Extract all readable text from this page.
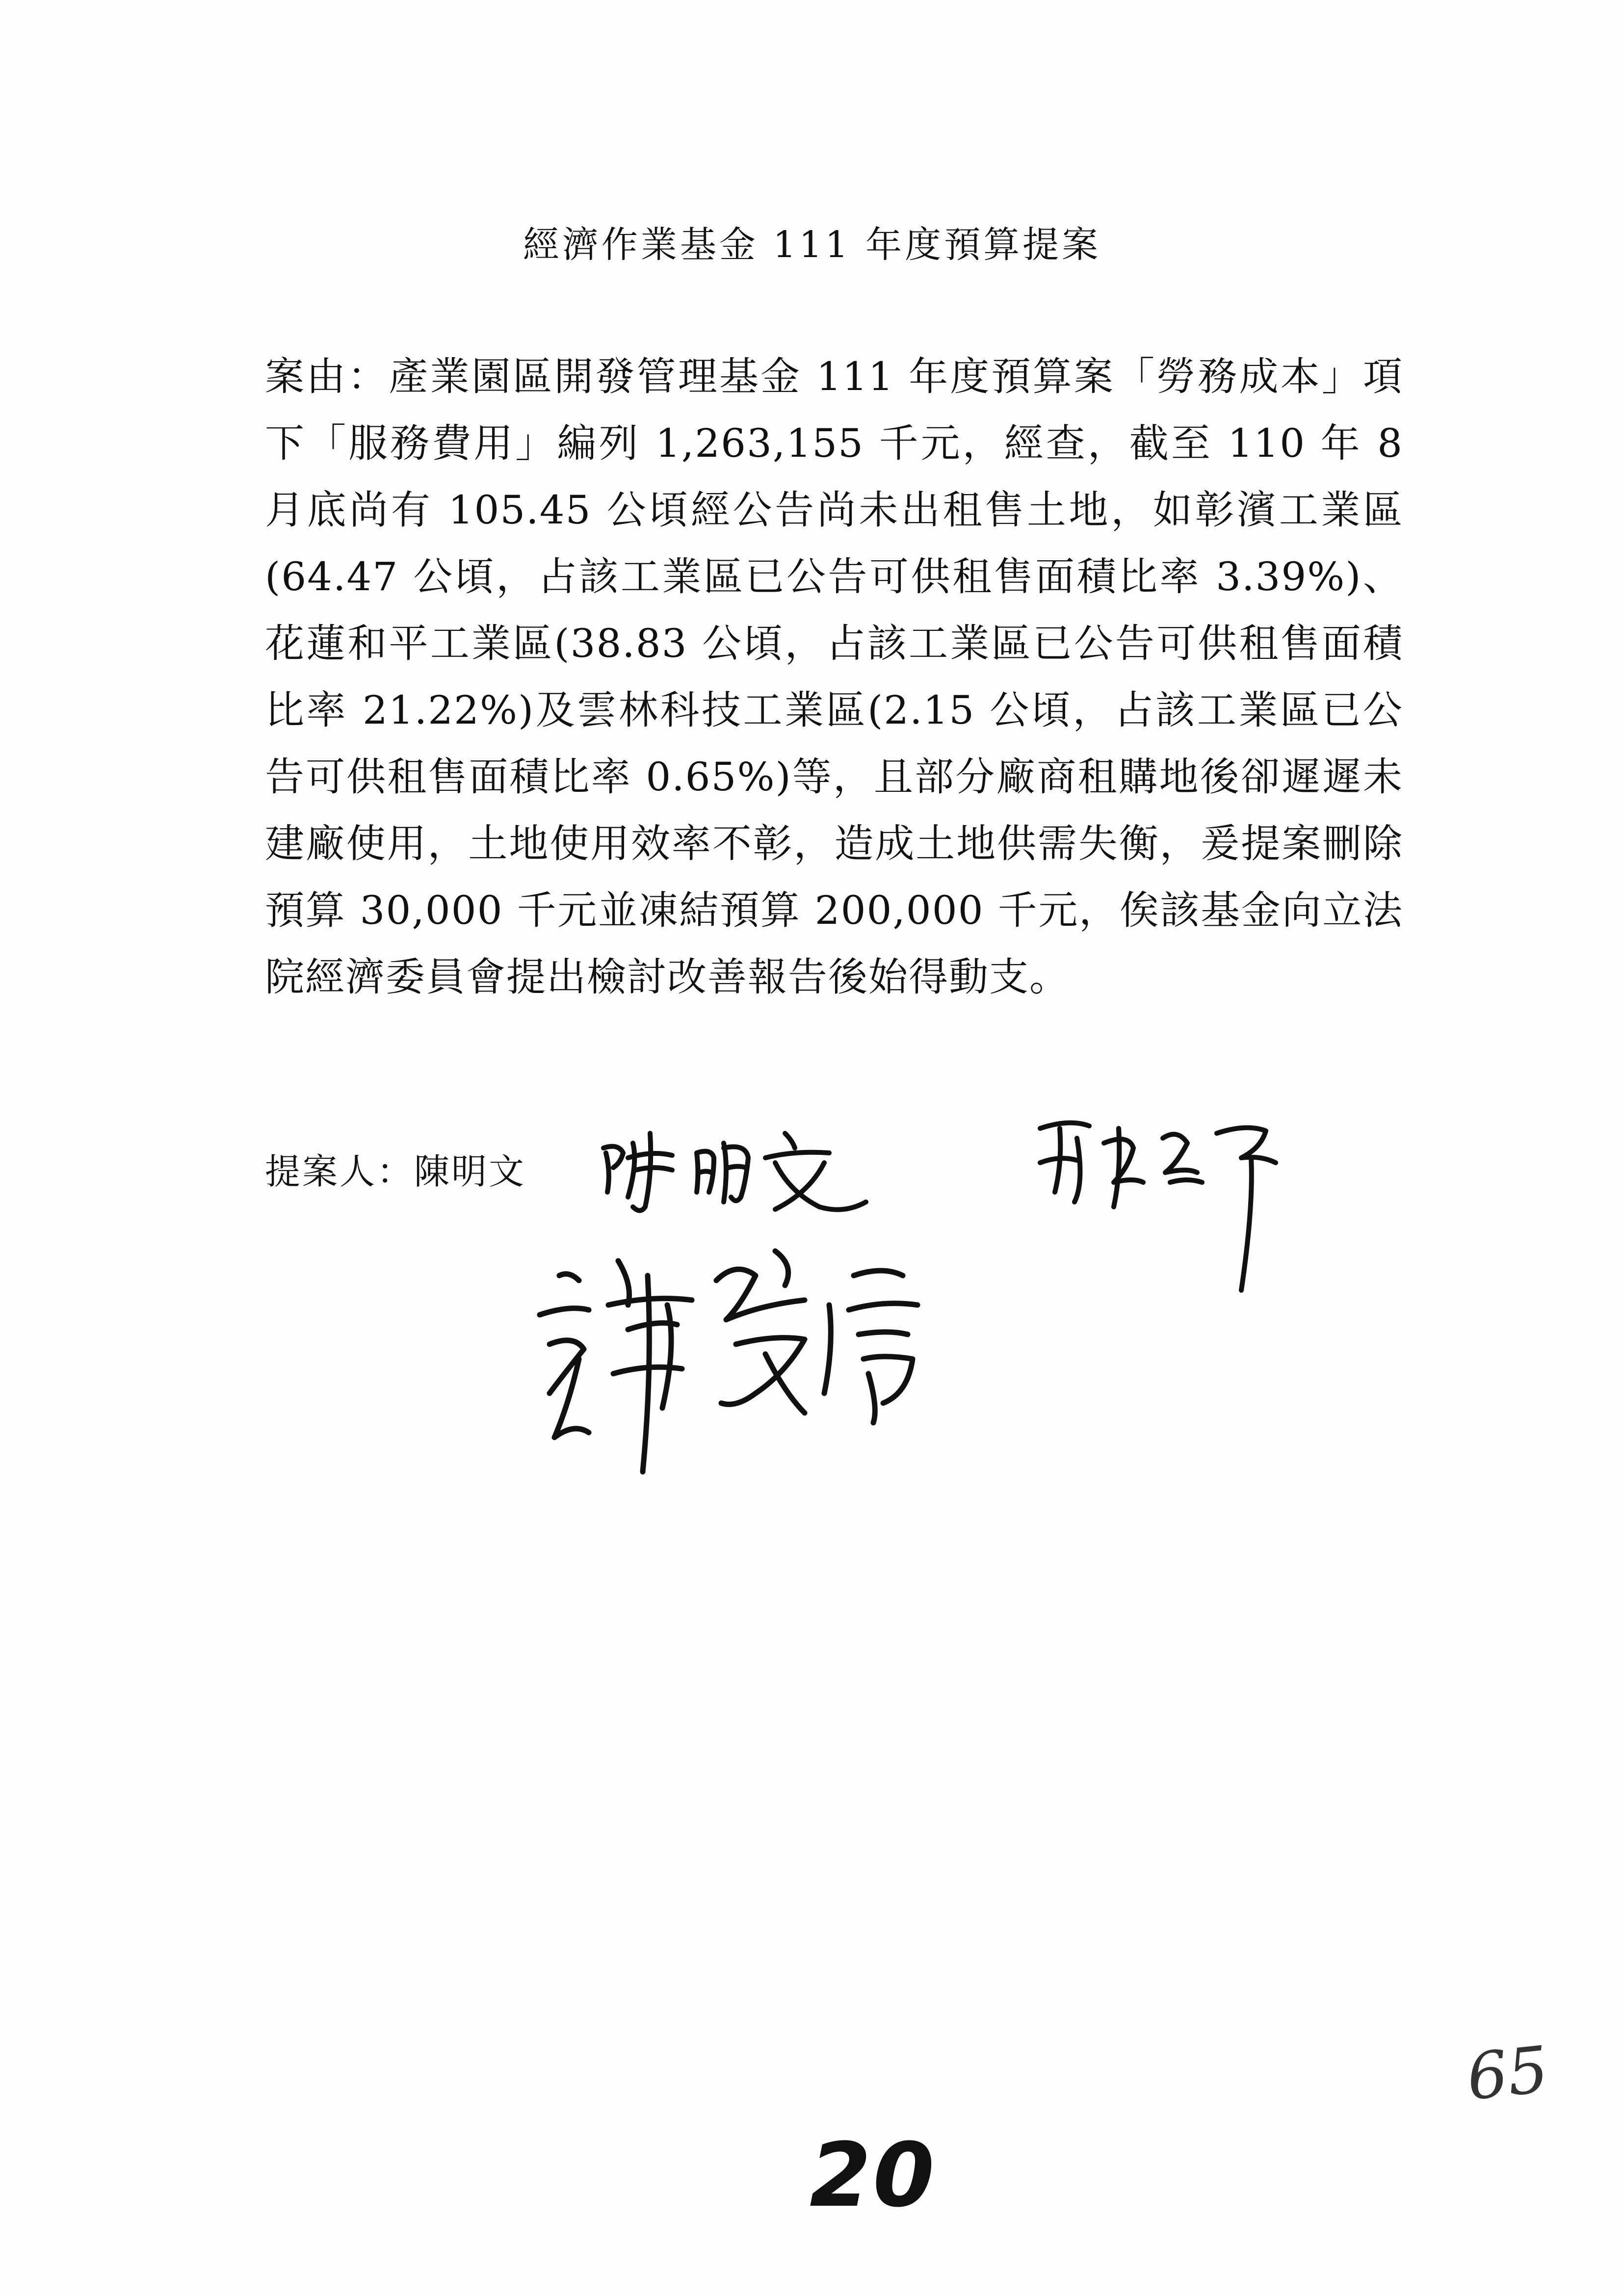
經濟作業基金 111 年度預算提案
案由：產業園區開發管理基金 111 年度預算案「勞務成本」項下「服務費用」編列 1,263,155 千元，經查，截至 110 年 8 月底尚有 105.45 公頃經公告尚未出租售土地，如彰濱工業區(64.47 公頃，占該工業區已公告可供租售面積比率 3.39%)、花蓮和平工業區(38.83 公頃，占該工業區已公告可供租售面積比率 21.22%)及雲林科技工業區(2.15 公頃，占該工業區已公告可供租售面積比率 0.65%)等，且部分廠商租購地後卻遲遲未建廠使用，土地使用效率不彰，造成土地供需失衡，爰提案刪除預算 30,000 千元並凍結預算 200,000 千元，俟該基金向立法院經濟委員會提出檢討改善報告後始得動支。
提案人：陳明文
65
20
